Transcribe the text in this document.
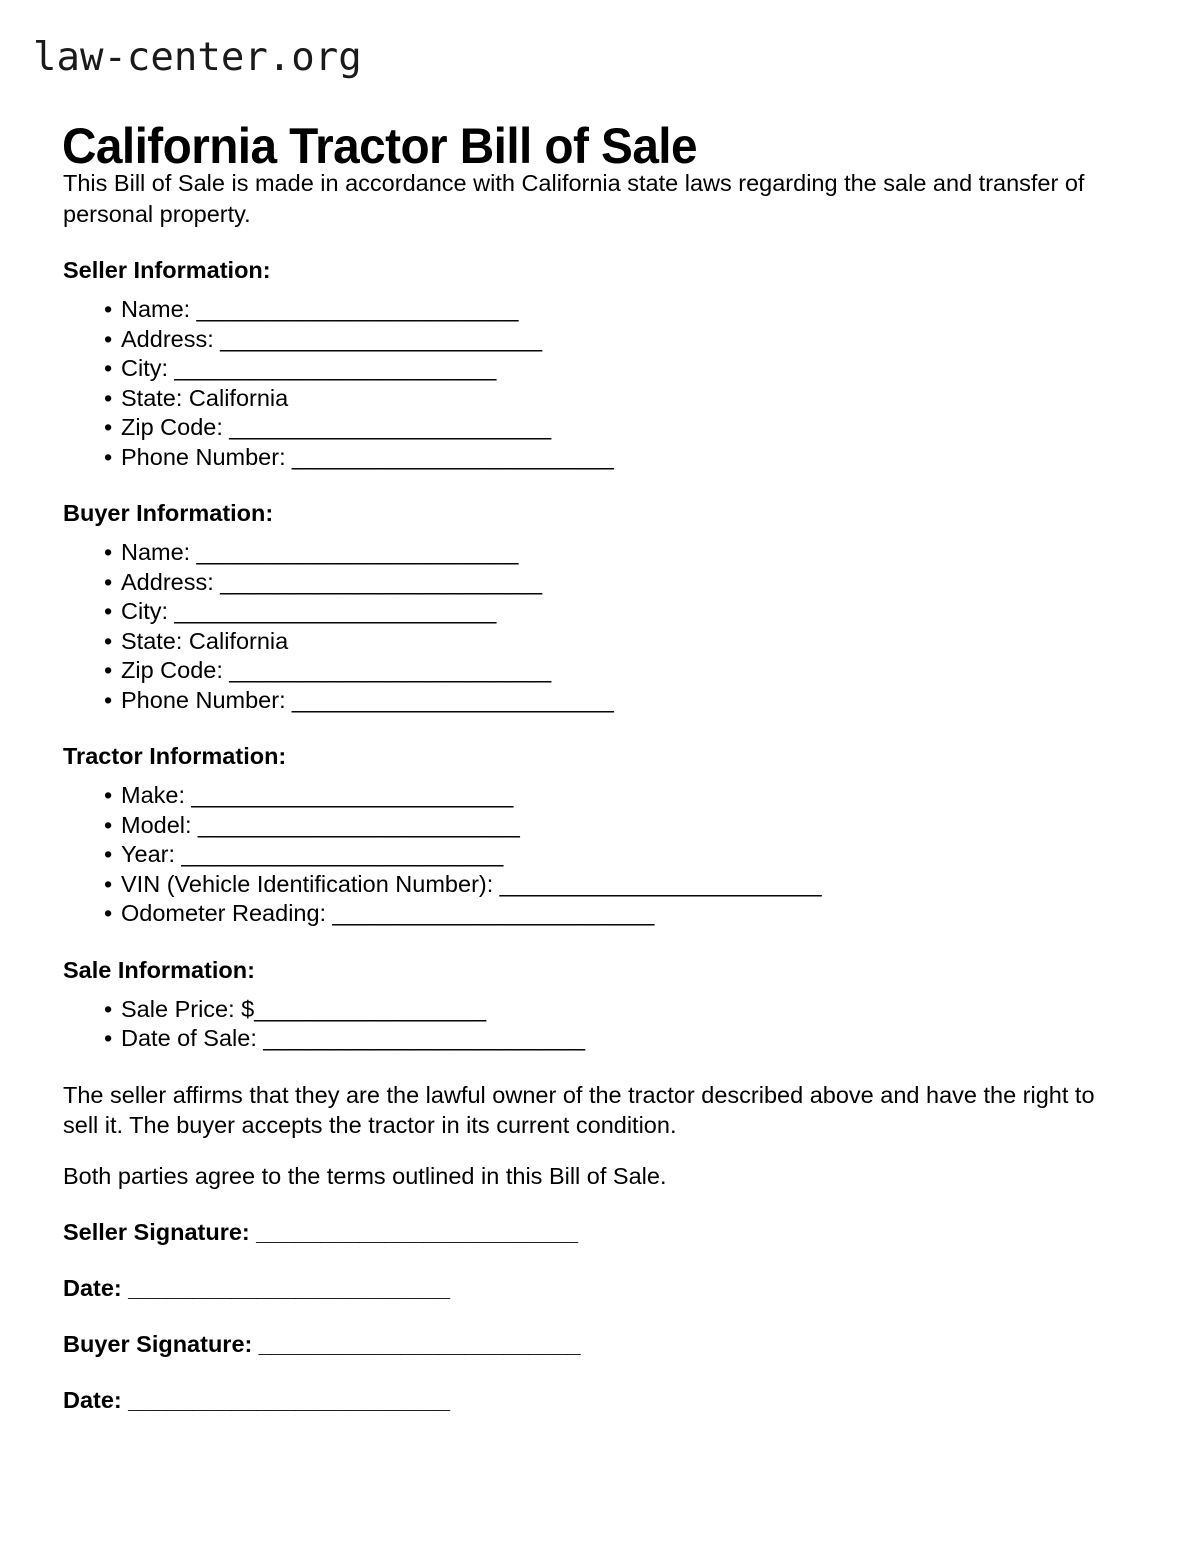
law-center.org
California Tractor Bill of Sale

This Bill of Sale is made in accordance with California state laws regarding the sale and transfer of personal property.

Seller Information:
• Name: _________________________
• Address: _________________________
• City: _________________________
• State: California
• Zip Code: _________________________
• Phone Number: _________________________
Buyer Information:
• Name: _________________________
• Address: _________________________
• City: _________________________
• State: California
• Zip Code: _________________________
• Phone Number: _________________________
Tractor Information:
• Make: _________________________
• Model: _________________________
• Year: _________________________
• VIN (Vehicle Identification Number): _________________________
• Odometer Reading: _________________________
Sale Information:
• Sale Price: $__________________
• Date of Sale: _________________________

The seller affirms that they are the lawful owner of the tractor described above and have the right to sell it. The buyer accepts the tractor in its current condition.

Both parties agree to the terms outlined in this Bill of Sale.

Seller Signature: _________________________
Date: _________________________
Buyer Signature: _________________________
Date: _________________________
